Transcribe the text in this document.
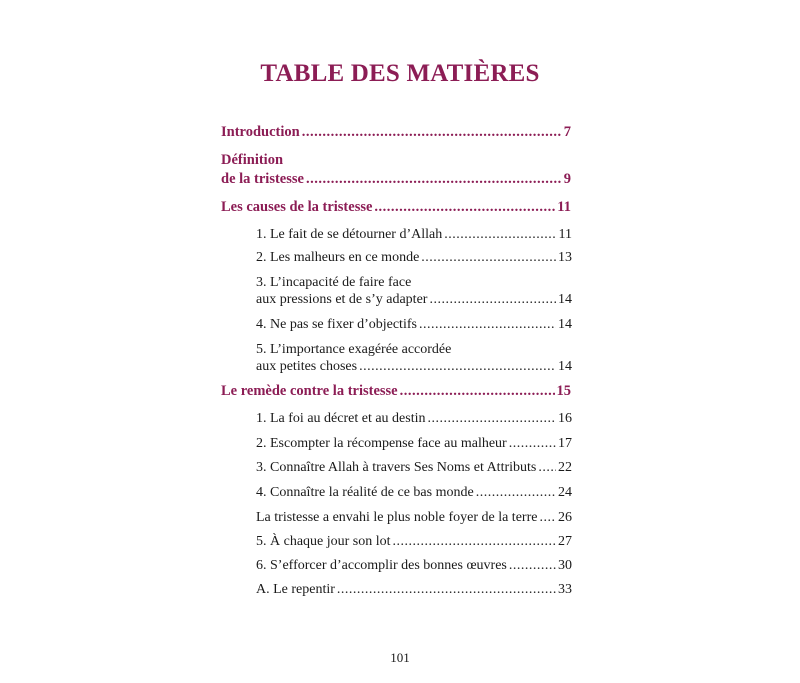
TABLE DES MATIÈRES
Introduction .....	7
Définition
de la tristesse .....	9
Les causes de la tristesse .....	11
1. Le fait de se détourner d’Allah .....	11
2. Les malheurs en ce monde .....	13
3. L’incapacité de faire face
aux pressions et de s’y adapter .....	14
4. Ne pas se fixer d’objectifs .....	14
5. L’importance exagérée accordée
aux petites choses .....	14
Le remède contre la tristesse .....	15
1. La foi au décret et au destin .....	16
2. Escompter la récompense face au malheur .....	17
3. Connaître Allah à travers Ses Noms et Attributs ..... 22
4. Connaître la réalité de ce bas monde .....	24
La tristesse a envahi le plus noble foyer de la terre ..... 26
5. À chaque jour son lot .....	27
6. S’efforcer d’accomplir des bonnes œuvres .....	30
A. Le repentir .....	33
101
